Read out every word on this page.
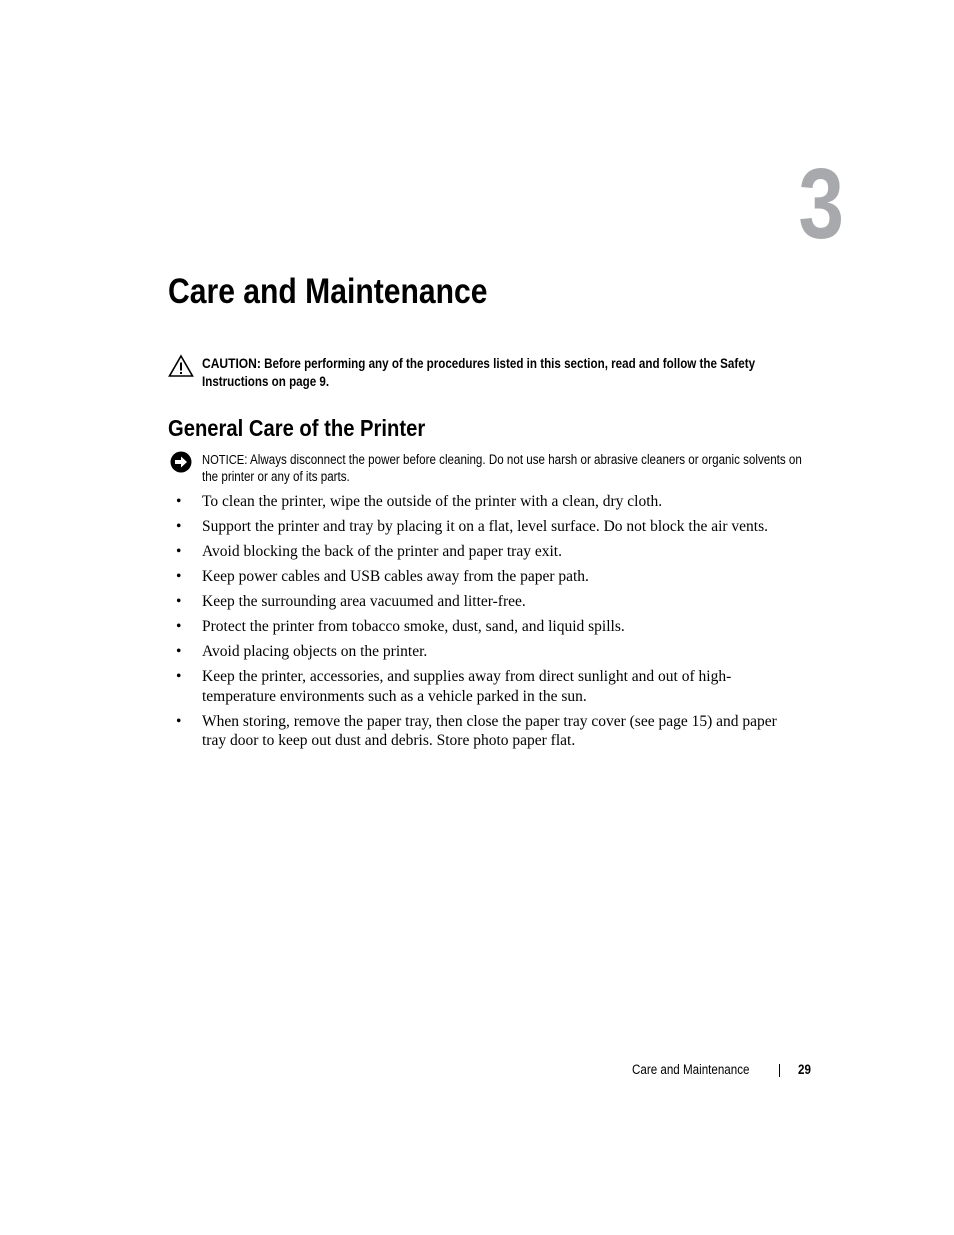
3
Care and Maintenance
CAUTION: Before performing any of the procedures listed in this section, read and follow the Safety Instructions on page 9.
General Care of the Printer
NOTICE: Always disconnect the power before cleaning. Do not use harsh or abrasive cleaners or organic solvents on the printer or any of its parts.
• To clean the printer, wipe the outside of the printer with a clean, dry cloth.
• Support the printer and tray by placing it on a flat, level surface. Do not block the air vents.
• Avoid blocking the back of the printer and paper tray exit.
• Keep power cables and USB cables away from the paper path.
• Keep the surrounding area vacuumed and litter-free.
• Protect the printer from tobacco smoke, dust, sand, and liquid spills.
• Avoid placing objects on the printer.
• Keep the printer, accessories, and supplies away from direct sunlight and out of high-temperature environments such as a vehicle parked in the sun.
• When storing, remove the paper tray, then close the paper tray cover (see page 15) and paper tray door to keep out dust and debris. Store photo paper flat.
Care and Maintenance	29
